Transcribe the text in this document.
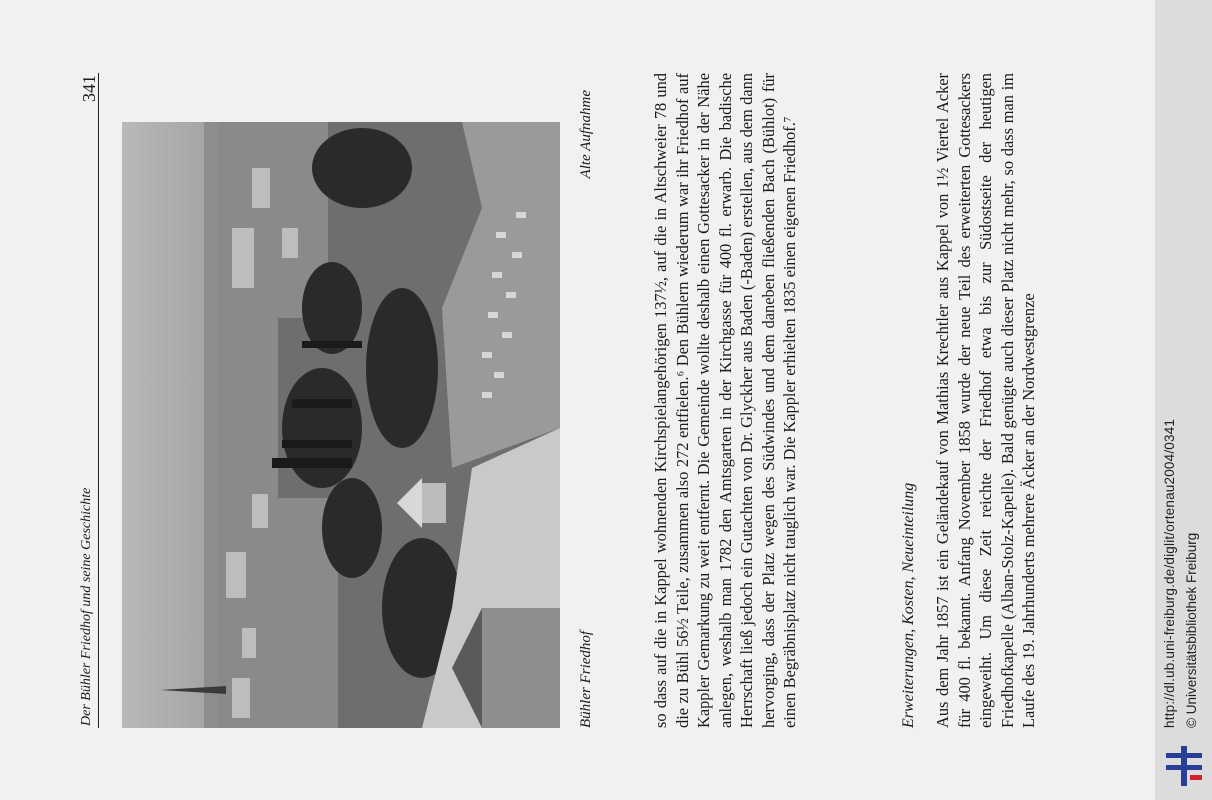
Der Bühler Friedhof und seine Geschichte
341
Bühler Friedhof
Alte Aufnahme	so dass auf die in Kappel wohnenden Kirchspielangehörigen 137½, auf die in Altschweier 78 und die zu Bühl 56½ Teile, zusammen also 272 entfielen.⁶ Den Bühlern wiederum war ihr Friedhof auf Kappler Gemarkung zu weit entfernt. Die Gemeinde wollte deshalb einen Gottesacker in der Nähe anlegen, weshalb man 1782 den Amtsgarten in der Kirchgasse für 400 fl. erwarb. Die badische Herrschaft ließ jedoch ein Gutachten von Dr. Glyckher aus Baden (-Baden) erstellen, aus dem dann hervorging, dass der Platz wegen des Südwindes und dem daneben fließenden Bach (Bühlot) für einen Begräbnisplatz nicht tauglich war. Die Kappler erhielten 1835 einen eigenen Friedhof.⁷	Erweiterungen, Kosten, Neueinteilung Aus dem Jahr 1857 ist ein Geländekauf von Mathias Krechtler aus Kappel von 1½ Viertel Acker für 400 fl. bekannt. Anfang November 1858 wurde der neue Teil des erweiterten Gottesackers eingeweiht. Um diese Zeit reichte der Friedhof etwa bis zur Südostseite der heutigen Friedhofkapelle (Alban-Stolz-Kapelle). Bald genügte auch dieser Platz nicht mehr, so dass man im Laufe des 19. Jahrhunderts mehrere Äcker an der Nordwestgrenze	http://dl.ub.uni-freiburg.de/diglit/ortenau2004/0341 © Universitätsbibliothek Freiburg
